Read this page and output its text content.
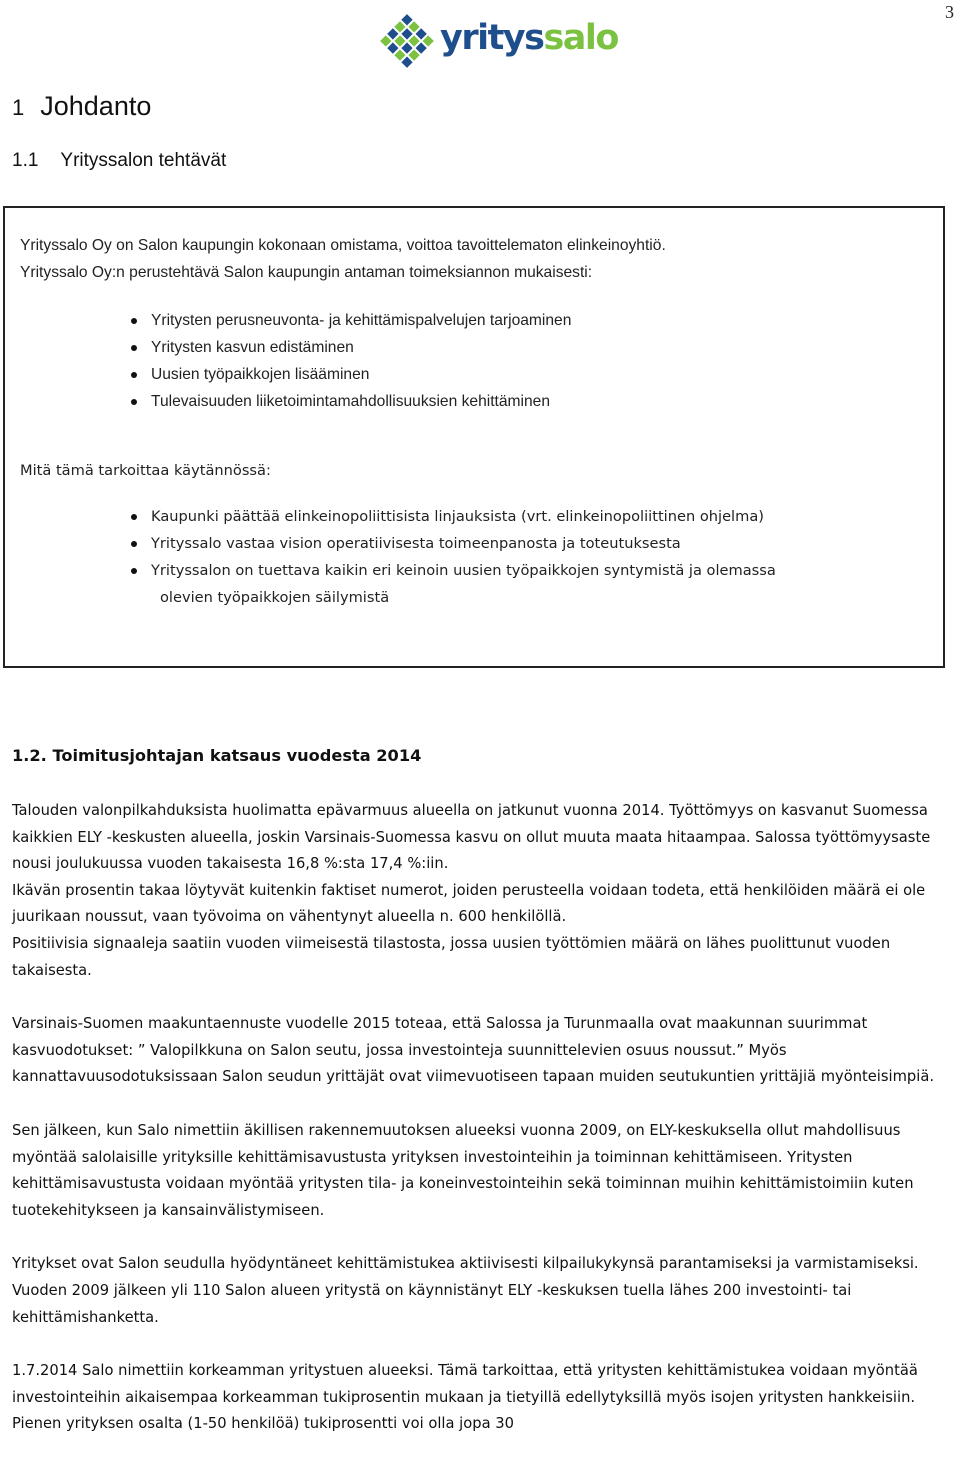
3
yrityssalo
1 Johdanto
1.1 Yrityssalon tehtävät

Yrityssalo Oy on Salon kaupungin kokonaan omistama, voittoa tavoittelematon elinkeinoyhtiö.

Yrityssalo Oy:n perustehtävä Salon kaupungin antaman toimeksiannon mukaisesti:

Yritysten perusneuvonta- ja kehittämispalvelujen tarjoaminen
Yritysten kasvun edistäminen
Uusien työpaikkojen lisääminen
Tulevaisuuden liiketoimintamahdollisuuksien kehittäminen

Mitä tämä tarkoittaa käytännössä:

Kaupunki päättää elinkeinopoliittisista linjauksista (vrt. elinkeinopoliittinen ohjelma)
Yrityssalo vastaa vision operatiivisesta toimeenpanosta ja toteutuksesta
Yrityssalon on tuettava kaikin eri keinoin uusien työpaikkojen syntymistä ja olemassa
olevien työpaikkojen säilymistä
1.2. Toimitusjohtajan katsaus vuodesta 2014

Talouden valonpilkahduksista huolimatta epävarmuus alueella on jatkunut vuonna 2014. Työttömyys on kasvanut Suomessa kaikkien ELY -keskusten alueella, joskin Varsinais-Suomessa kasvu on ollut muuta maata hitaampaa. Salossa työttömyysaste nousi joulukuussa vuoden takaisesta 16,8 %:sta 17,4 %:iin.

Ikävän prosentin takaa löytyvät kuitenkin faktiset numerot, joiden perusteella voidaan todeta, että henkilöiden määrä ei ole juurikaan noussut, vaan työvoima on vähentynyt alueella n. 600 henkilöllä.

Positiivisia signaaleja saatiin vuoden viimeisestä tilastosta, jossa uusien työttömien määrä on lähes puolittunut vuoden takaisesta.

Varsinais-Suomen maakuntaennuste vuodelle 2015 toteaa, että Salossa ja Turunmaalla ovat maakunnan suurimmat kasvuodotukset: ” Valopilkkuna on Salon seutu, jossa investointeja suunnittelevien osuus noussut.” Myös kannattavuusodotuksissaan Salon seudun yrittäjät ovat viimevuotiseen tapaan muiden seutukuntien yrittäjiä myönteisimpiä.

Sen jälkeen, kun Salo nimettiin äkillisen rakennemuutoksen alueeksi vuonna 2009, on ELY-keskuksella ollut mahdollisuus myöntää salolaisille yrityksille kehittämisavustusta yrityksen investointeihin ja toiminnan kehittämiseen. Yritysten kehittämisavustusta voidaan myöntää yritysten tila- ja koneinvestointeihin sekä toiminnan muihin kehittämistoimiin kuten tuotekehitykseen ja kansainvälistymiseen.

Yritykset ovat Salon seudulla hyödyntäneet kehittämistukea aktiivisesti kilpailukykynsä parantamiseksi ja varmistamiseksi. Vuoden 2009 jälkeen yli 110 Salon alueen yritystä on käynnistänyt ELY -keskuksen tuella lähes 200 investointi- tai kehittämishanketta.

1.7.2014 Salo nimettiin korkeamman yritystuen alueeksi. Tämä tarkoittaa, että yritysten kehittämistukea voidaan myöntää investointeihin aikaisempaa korkeamman tukiprosentin mukaan ja tietyillä edellytyksillä myös isojen yritysten hankkeisiin. Pienen yrityksen osalta (1-50 henkilöä) tukiprosentti voi olla jopa 30
